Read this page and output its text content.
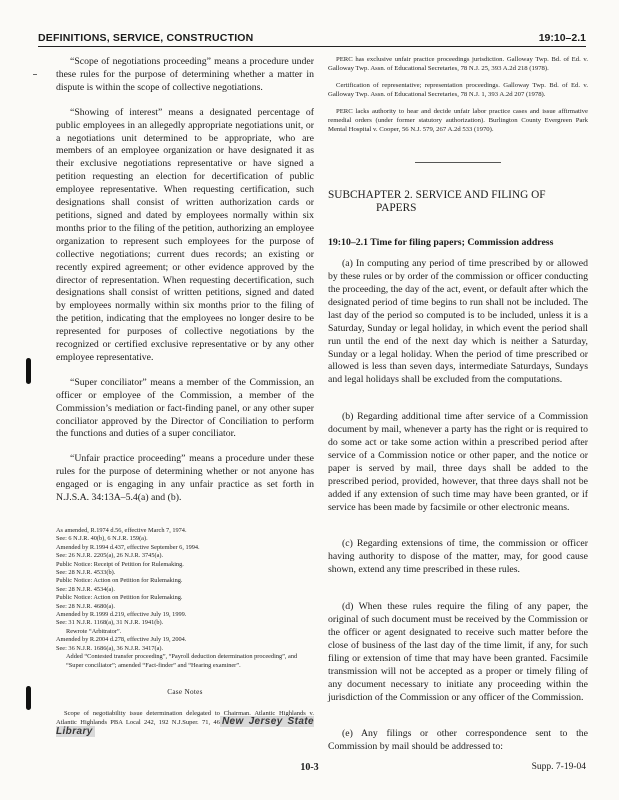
DEFINITIONS, SERVICE, CONSTRUCTION	19:10–2.1

“Scope of negotiations proceeding” means a procedure under these rules for the purpose of determining whether a matter in dispute is within the scope of collective negotiations.

“Showing of interest” means a designated percentage of public employees in an allegedly appropriate negotiations unit, or a negotiations unit determined to be appropriate, who are members of an employee organization or have designated it as their exclusive negotiations representative or have signed a petition requesting an election for decertification of public employee representative. When requesting certification, such designations shall consist of written authorization cards or petitions, signed and dated by employees normally within six months prior to the filing of the petition, authorizing an employee organization to represent such employees for the purpose of collective negotiations; current dues records; an existing or recently expired agreement; or other evidence approved by the director of representation. When requesting decertification, such designations shall consist of written petitions, signed and dated by employees normally within six months prior to the filing of the petition, indicating that the employees no longer desire to be represented for purposes of collective negotiations by the recognized or certified exclusive representative or by any other employee representative.

“Super conciliator” means a member of the Commission, an officer or employee of the Commission, a member of the Commission’s mediation or fact-finding panel, or any other super conciliator approved by the Director of Conciliation to perform the functions and duties of a super conciliator.

“Unfair practice proceeding” means a procedure under these rules for the purpose of determining whether or not anyone has engaged or is engaging in any unfair practice as set forth in N.J.S.A. 34:13A–5.4(a) and (b).

As amended, R.1974 d.56, effective March 7, 1974.
See: 6 N.J.R. 40(b), 6 N.J.R. 159(a).
Amended by R.1994 d.437, effective September 6, 1994.
See: 26 N.J.R. 2205(a), 26 N.J.R. 3745(a).
Public Notice: Receipt of Petition for Rulemaking.
See: 28 N.J.R. 4533(b).
Public Notice: Action on Petition for Rulemaking.
See: 28 N.J.R. 4534(a).
Public Notice: Action on Petition for Rulemaking.
See: 28 N.J.R. 4680(a).
Amended by R.1999 d.219, effective July 19, 1999.
See: 31 N.J.R. 1168(a), 31 N.J.R. 1941(b).
Rewrote “Arbitrator”.
Amended by R.2004 d.278, effective July 19, 2004.
See: 36 N.J.R. 1686(a), 36 N.J.R. 3417(a).
Added “Contested transfer proceeding”, “Payroll deduction determination proceeding”, and “Super conciliator”; amended “Fact-finder” and “Hearing examiner”.
Case Notes

Scope of negotiability issue determination delegated to Chairman. Atlantic Highlands v. Atlantic Highlands PBA Local 242, 192 N.J.Super. 71, 46 New Jersey State Library

PERC has exclusive unfair practice proceedings jurisdiction. Galloway Twp. Bd. of Ed. v. Galloway Twp. Assn. of Educational Secretaries, 78 N.J. 25, 393 A.2d 218 (1978).

Certification of representative; representation proceedings. Galloway Twp. Bd. of Ed. v. Galloway Twp. Assn. of Educational Secretaries, 78 N.J. 1, 393 A.2d 207 (1978).

PERC lacks authority to hear and decide unfair labor practice cases and issue affirmative remedial orders (under former statutory authorization). Burlington County Evergreen Park Mental Hospital v. Cooper, 56 N.J. 579, 267 A.2d 533 (1970).

SUBCHAPTER 2. SERVICE AND FILING OF
PAPERS
19:10–2.1 Time for filing papers; Commission address

(a) In computing any period of time prescribed by or allowed by these rules or by order of the commission or officer conducting the proceeding, the day of the act, event, or default after which the designated period of time begins to run shall not be included. The last day of the period so computed is to be included, unless it is a Saturday, Sunday or legal holiday, in which event the period shall run until the end of the next day which is neither a Saturday, Sunday or a legal holiday. When the period of time prescribed or allowed is less than seven days, intermediate Saturdays, Sundays and legal holidays shall be excluded from the computations.

(b) Regarding additional time after service of a Commission document by mail, whenever a party has the right or is required to do some act or take some action within a prescribed period after service of a Commission notice or other paper, and the notice or paper is served by mail, three days shall be added to the prescribed period, provided, however, that three days shall not be added if any extension of such time may have been granted, or if service has been made by facsimile or other electronic means.

(c) Regarding extensions of time, the commission or officer having authority to dispose of the matter, may, for good cause shown, extend any time prescribed in these rules.

(d) When these rules require the filing of any paper, the original of such document must be received by the Commission or the officer or agent designated to receive such matter before the close of business of the last day of the time limit, if any, for such filing or extension of time that may have been granted. Facsimile transmission will not be accepted as a proper or timely filing of any document necessary to initiate any proceeding within the jurisdiction of the Commission or any officer of the Commission.

(e) Any filings or other correspondence sent to the Commission by mail should be addressed to:

10-3	Supp. 7-19-04
